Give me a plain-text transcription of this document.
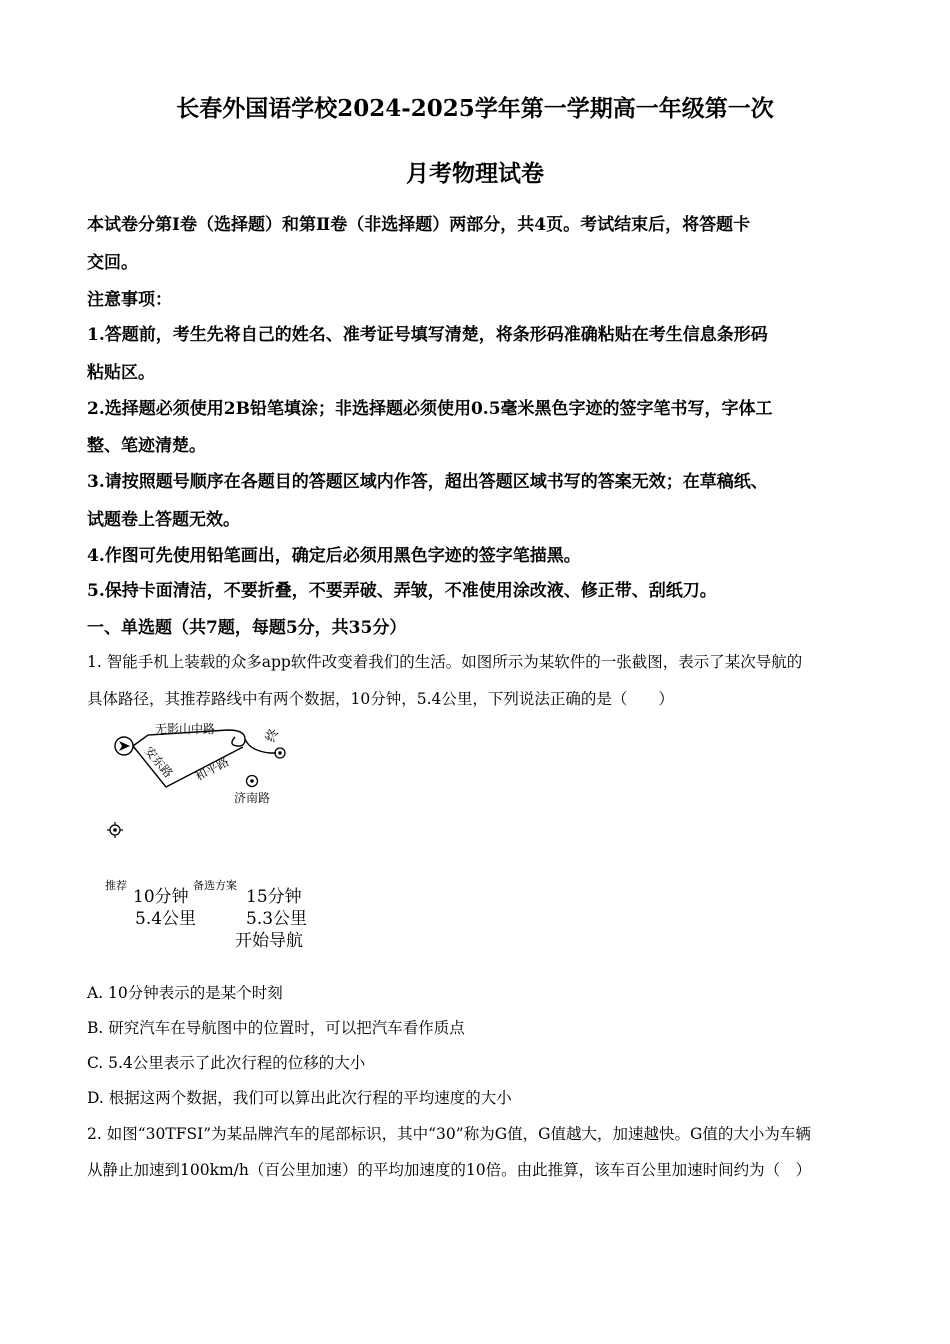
长春外国语学校2024-2025学年第一学期高一年级第一次
月考物理试卷
本试卷分第Ⅰ卷（选择题）和第Ⅱ卷（非选择题）两部分，共4页。考试结束后，将答题卡
交回。
注意事项：
1.答题前，考生先将自己的姓名、准考证号填写清楚，将条形码准确粘贴在考生信息条形码
粘贴区。
2.选择题必须使用2B铅笔填涂；非选择题必须使用0.5毫米黑色字迹的签字笔书写，字体工
整、笔迹清楚。
3.请按照题号顺序在各题目的答题区域内作答，超出答题区域书写的答案无效；在草稿纸、
试题卷上答题无效。
4.作图可先使用铅笔画出，确定后必须用黑色字迹的签字笔描黑。
5.保持卡面清洁，不要折叠，不要弄破、弄皱，不准使用涂改液、修正带、刮纸刀。
一、单选题（共7题，每题5分，共35分）
1. 智能手机上装载的众多app软件改变着我们的生活。如图所示为某软件的一张截图，表示了某次导航的
具体路径，其推荐路线中有两个数据，10分钟，5.4公里，下列说法正确的是（　　）
无影山中路
安东路 和平路
终
济南路
推荐
10分钟
5.4公里
备选方案
15分钟
5.3公里
开始导航
A. 10分钟表示的是某个时刻
B. 研究汽车在导航图中的位置时，可以把汽车看作质点
C. 5.4公里表示了此次行程的位移的大小
D. 根据这两个数据，我们可以算出此次行程的平均速度的大小
2. 如图“30TFSI”为某品牌汽车的尾部标识，其中“30”称为G值，G值越大，加速越快。G值的大小为车辆
从静止加速到100km/h（百公里加速）的平均加速度的10倍。由此推算，该车百公里加速时间约为（　）
